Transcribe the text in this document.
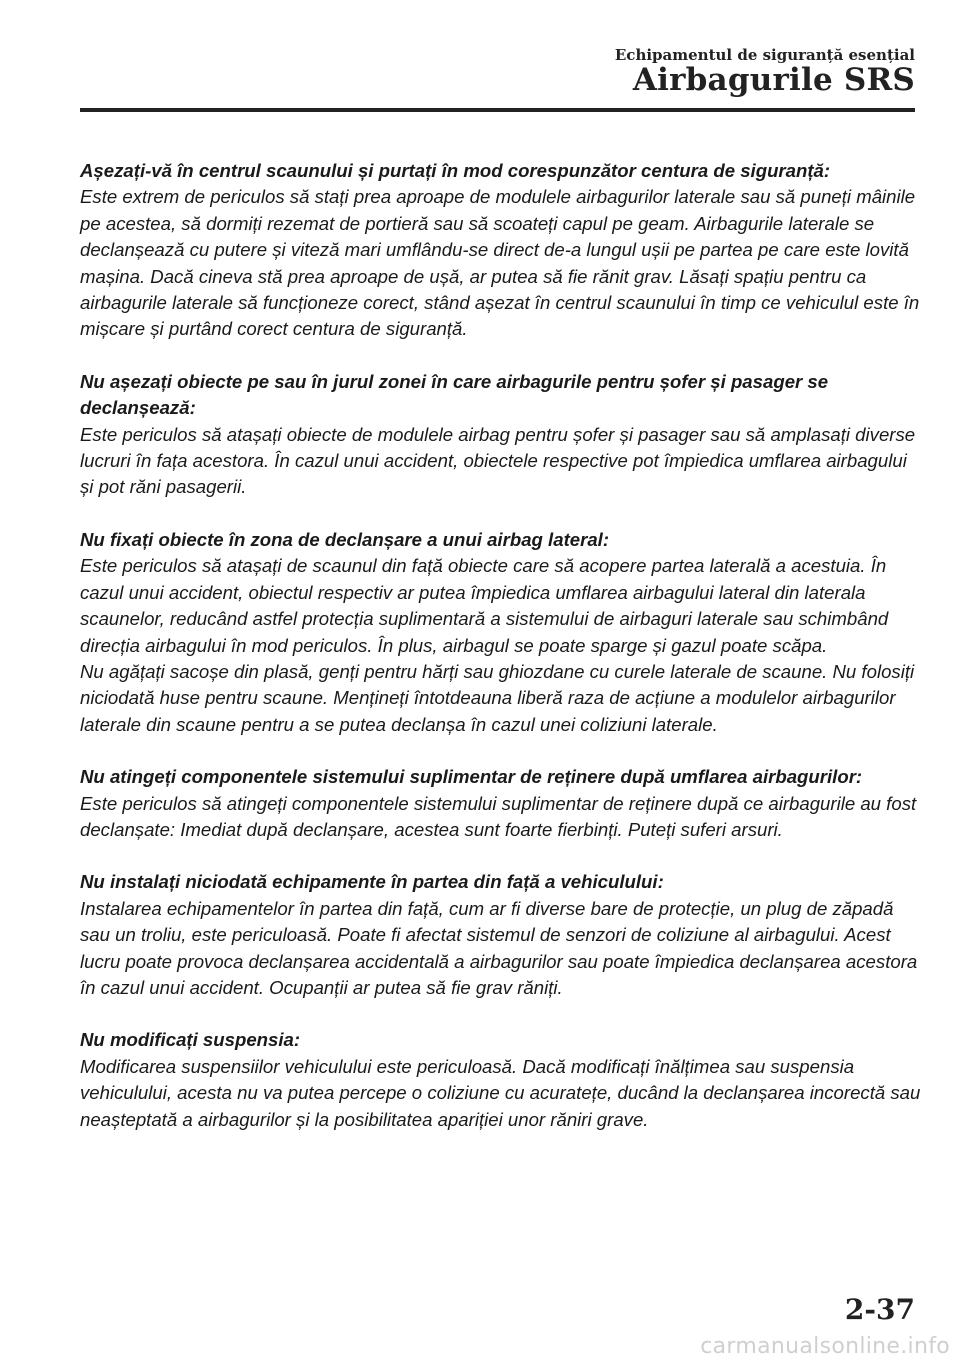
Echipamentul de siguranță esențial
Airbagurile SRS
Așezați-vă în centrul scaunului și purtați în mod corespunzător centura de siguranță:
Este extrem de periculos să stați prea aproape de modulele airbagurilor laterale sau să puneți mâinile pe acestea, să dormiți rezemat de portieră sau să scoateți capul pe geam. Airbagurile laterale se declanșează cu putere și viteză mari umflându-se direct de-a lungul ușii pe partea pe care este lovită mașina. Dacă cineva stă prea aproape de ușă, ar putea să fie rănit grav. Lăsați spațiu pentru ca airbagurile laterale să funcționeze corect, stând așezat în centrul scaunului în timp ce vehiculul este în mișcare și purtând corect centura de siguranță.
Nu așezați obiecte pe sau în jurul zonei în care airbagurile pentru șofer și pasager se declanșează:
Este periculos să atașați obiecte de modulele airbag pentru șofer și pasager sau să amplasați diverse lucruri în fața acestora. În cazul unui accident, obiectele respective pot împiedica umflarea airbagului și pot răni pasagerii.
Nu fixați obiecte în zona de declanșare a unui airbag lateral:
Este periculos să atașați de scaunul din față obiecte care să acopere partea laterală a acestuia. În cazul unui accident, obiectul respectiv ar putea împiedica umflarea airbagului lateral din laterala scaunelor, reducând astfel protecția suplimentară a sistemului de airbaguri laterale sau schimbând direcția airbagului în mod periculos. În plus, airbagul se poate sparge și gazul poate scăpa.
Nu agățați sacoșe din plasă, genți pentru hărți sau ghiozdane cu curele laterale de scaune. Nu folosiți niciodată huse pentru scaune. Mențineți întotdeauna liberă raza de acțiune a modulelor airbagurilor laterale din scaune pentru a se putea declanșa în cazul unei coliziuni laterale.
Nu atingeți componentele sistemului suplimentar de reținere după umflarea airbagurilor:
Este periculos să atingeți componentele sistemului suplimentar de reținere după ce airbagurile au fost declanșate: Imediat după declanșare, acestea sunt foarte fierbinți. Puteți suferi arsuri.
Nu instalați niciodată echipamente în partea din față a vehiculului:
Instalarea echipamentelor în partea din față, cum ar fi diverse bare de protecție, un plug de zăpadă sau un troliu, este periculoasă. Poate fi afectat sistemul de senzori de coliziune al airbagului. Acest lucru poate provoca declanșarea accidentală a airbagurilor sau poate împiedica declanșarea acestora în cazul unui accident. Ocupanții ar putea să fie grav răniți.
Nu modificați suspensia:
Modificarea suspensiilor vehiculului este periculoasă. Dacă modificați înălțimea sau suspensia vehiculului, acesta nu va putea percepe o coliziune cu acuratețe, ducând la declanșarea incorectă sau neașteptată a airbagurilor și la posibilitatea apariției unor răniri grave.
2-37
carmanualsonline.info
